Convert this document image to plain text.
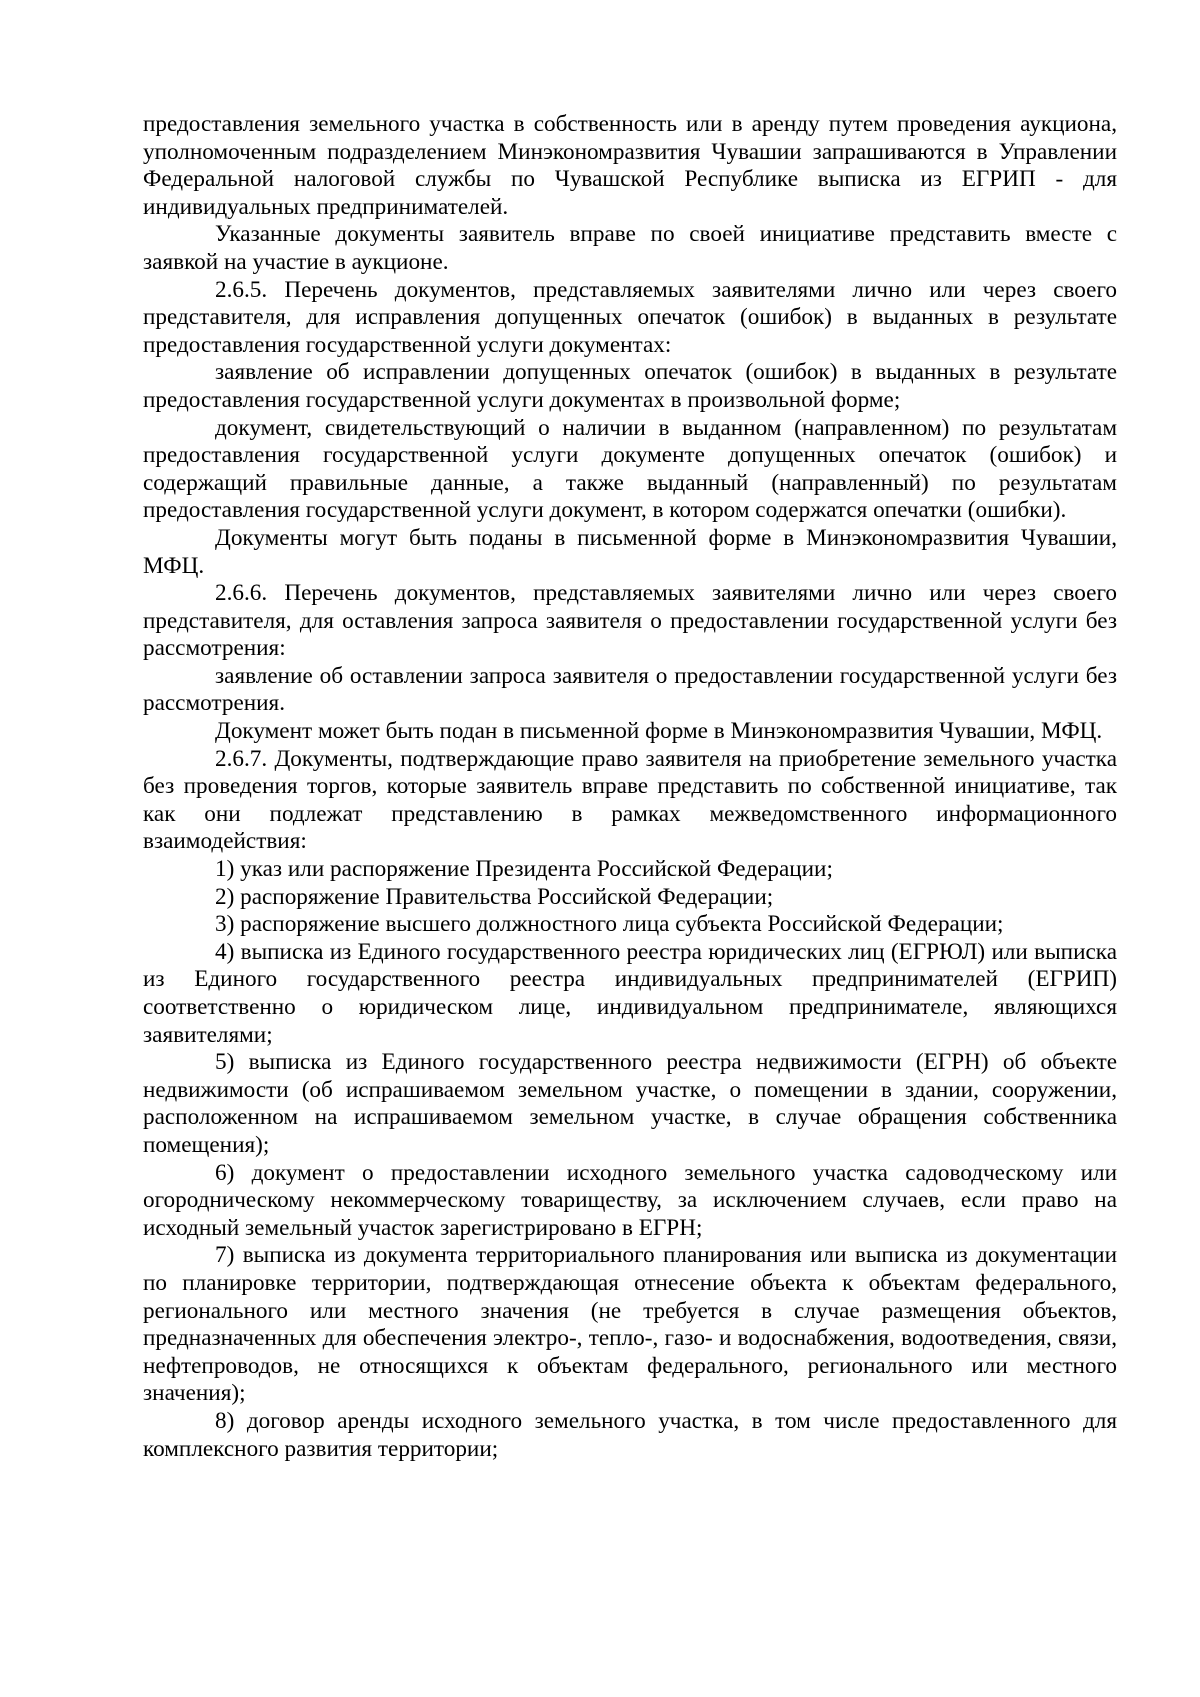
предоставления земельного участка в собственность или в аренду путем проведения аукциона, уполномоченным подразделением Минэкономразвития Чувашии запрашиваются в Управлении Федеральной налоговой службы по Чувашской Республике выписка из ЕГРИП - для индивидуальных предпринимателей.

Указанные документы заявитель вправе по своей инициативе представить вместе с заявкой на участие в аукционе.

2.6.5. Перечень документов, представляемых заявителями лично или через своего представителя, для исправления допущенных опечаток (ошибок) в выданных в результате предоставления государственной услуги документах:

заявление об исправлении допущенных опечаток (ошибок) в выданных в результате предоставления государственной услуги документах в произвольной форме;

документ, свидетельствующий о наличии в выданном (направленном) по результатам предоставления государственной услуги документе допущенных опечаток (ошибок) и содержащий правильные данные, а также выданный (направленный) по результатам предоставления государственной услуги документ, в котором содержатся опечатки (ошибки).

Документы могут быть поданы в письменной форме в Минэкономразвития Чувашии, МФЦ.

2.6.6. Перечень документов, представляемых заявителями лично или через своего представителя, для оставления запроса заявителя о предоставлении государственной услуги без рассмотрения:

заявление об оставлении запроса заявителя о предоставлении государственной услуги без рассмотрения.

Документ может быть подан в письменной форме в Минэкономразвития Чувашии, МФЦ.

2.6.7. Документы, подтверждающие право заявителя на приобретение земельного участка без проведения торгов, которые заявитель вправе представить по собственной инициативе, так как они подлежат представлению в рамках межведомственного информационного взаимодействия:

1) указ или распоряжение Президента Российской Федерации;

2) распоряжение Правительства Российской Федерации;

3) распоряжение высшего должностного лица субъекта Российской Федерации;

4) выписка из Единого государственного реестра юридических лиц (ЕГРЮЛ) или выписка из Единого государственного реестра индивидуальных предпринимателей (ЕГРИП) соответственно о юридическом лице, индивидуальном предпринимателе, являющихся заявителями;

5) выписка из Единого государственного реестра недвижимости (ЕГРН) об объекте недвижимости (об испрашиваемом земельном участке, о помещении в здании, сооружении, расположенном на испрашиваемом земельном участке, в случае обращения собственника помещения);

6) документ о предоставлении исходного земельного участка садоводческому или огородническому некоммерческому товариществу, за исключением случаев, если право на исходный земельный участок зарегистрировано в ЕГРН;

7) выписка из документа территориального планирования или выписка из документации по планировке территории, подтверждающая отнесение объекта к объектам федерального, регионального или местного значения (не требуется в случае размещения объектов, предназначенных для обеспечения электро-, тепло-, газо- и водоснабжения, водоотведения, связи, нефтепроводов, не относящихся к объектам федерального, регионального или местного значения);

8) договор аренды исходного земельного участка, в том числе предоставленного для комплексного развития территории;
